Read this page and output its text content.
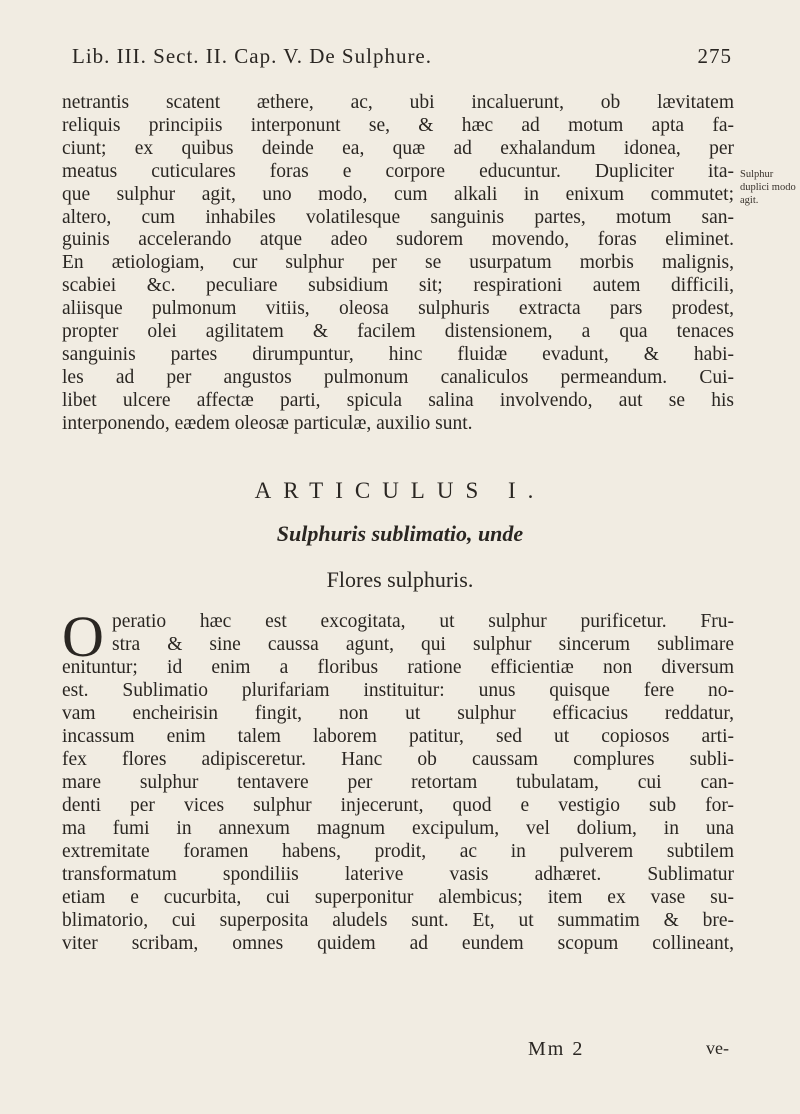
Lib. III. Sect. II. Cap. V. De Sulphure.	275
netrantis scatent æthere, ac, ubi incaluerunt, ob lævitatem
reliquis principiis interponunt se, & hæc ad motum apta fa-
ciunt; ex quibus deinde ea, quæ ad exhalandum idonea, per
meatus cuticulares foras e corpore educuntur. Dupliciter ita-
que sulphur agit, uno modo, cum alkali in enixum commutet;
altero, cum inhabiles volatilesque sanguinis partes, motum san-
guinis accelerando atque adeo sudorem movendo, foras eliminet.
En ætiologiam, cur sulphur per se usurpatum morbis malignis,
scabiei &c. peculiare subsidium sit; respirationi autem difficili,
aliisque pulmonum vitiis, oleosa sulphuris extracta pars prodest,
propter olei agilitatem & facilem distensionem, a qua tenaces
sanguinis partes dirumpuntur, hinc fluidæ evadunt, & habi-
les ad per angustos pulmonum canaliculos permeandum. Cui-
libet ulcere affectæ parti, spicula salina involvendo, aut se his
interponendo, eædem oleosæ particulæ, auxilio sunt.
Sulphur duplici modo agit.
ARTICULUS I.
Sulphuris sublimatio, unde
Flores sulphuris.
O peratio hæc est excogitata, ut sulphur purificetur. Fru-
stra & sine caussa agunt, qui sulphur sincerum sublimare
enituntur; id enim a floribus ratione efficientiæ non diversum
est. Sublimatio plurifariam instituitur: unus quisque fere no-
vam encheirisin fingit, non ut sulphur efficacius reddatur,
incassum enim talem laborem patitur, sed ut copiosos arti-
fex flores adipisceretur. Hanc ob caussam complures subli-
mare sulphur tentavere per retortam tubulatam, cui can-
denti per vices sulphur injecerunt, quod e vestigio sub for-
ma fumi in annexum magnum excipulum, vel dolium, in una
extremitate foramen habens, prodit, ac in pulverem subtilem
transformatum spondiliis laterive vasis adhæret. Sublimatur
etiam e cucurbita, cui superponitur alembicus; item ex vase su-
blimatorio, cui superposita aludels sunt. Et, ut summatim & bre-
viter scribam, omnes quidem ad eundem scopum collineant,
Mm 2	ve-
